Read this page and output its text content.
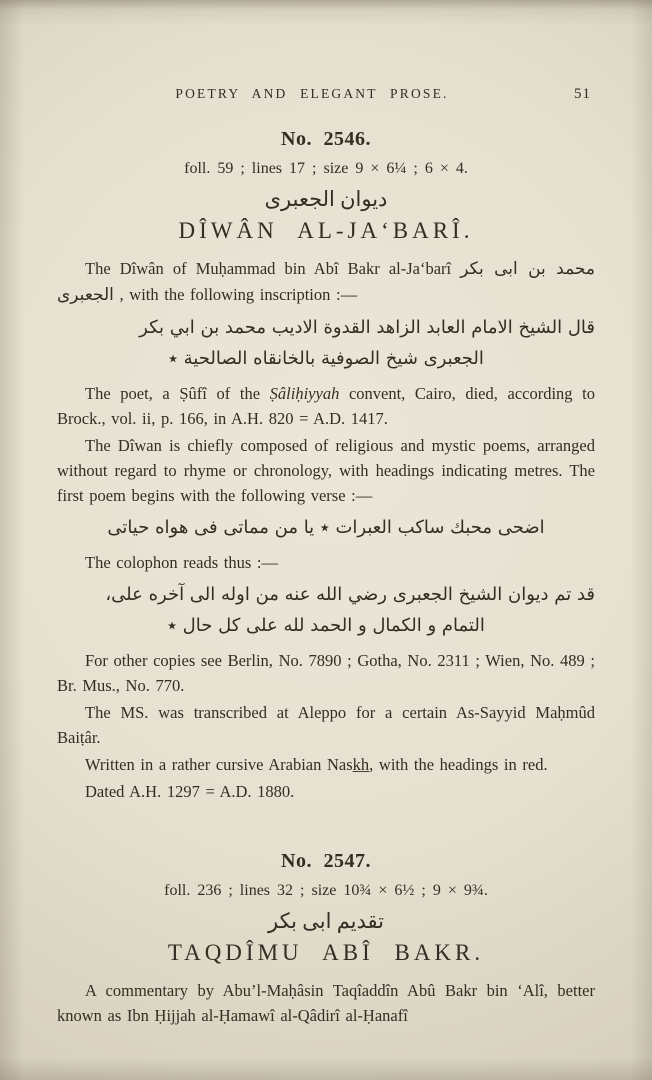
POETRY AND ELEGANT PROSE.	51
No. 2546.
foll. 59 ; lines 17 ; size 9 × 6¼ ; 6 × 4.
ديوان الجعبرى
DÎWÂN AL-JA‘BARÎ.

The Dîwân of Muḥammad bin Abî Bakr al-Ja‘barî محمد بن ابى بكر الجعبرى , with the following inscription :—

قال الشيخ الامام العابد الزاهد القدوة الاديب محمد بن ابي بكر
الجعبرى شيخ الصوفية بالخانقاه الصالحية ٭

The poet, a Ṣûfî of the Ṣâliḥiyyah convent, Cairo, died, according to Brock., vol. ii, p. 166, in A.H. 820 = A.D. 1417.

The Dîwan is chiefly composed of religious and mystic poems, arranged without regard to rhyme or chronology, with headings indicating metres. The first poem begins with the following verse :—

اضحى محبك ساكب العبرات ٭ يا من مماتى فى هواه حياتى

The colophon reads thus :—

قد تم ديوان الشيخ الجعبرى رضي الله عنه من اوله الى آخره على،
التمام و الكمال و الحمد لله على كل حال ٭

For other copies see Berlin, No. 7890 ; Gotha, No. 2311 ; Wien, No. 489 ; Br. Mus., No. 770.

The MS. was transcribed at Aleppo for a certain As-Sayyid Maḥmûd Baiṭâr.

Written in a rather cursive Arabian Nask̲h̲, with the headings in red.

Dated A.H. 1297 = A.D. 1880.

No. 2547.
foll. 236 ; lines 32 ; size 10¾ × 6½ ; 9 × 9¾.
تقديم ابى بكر
TAQDÎMU ABÎ BAKR.

A commentary by Abu’l-Maḥâsin Taqîaddîn Abû Bakr bin ‘Alî, better known as Ibn Ḥijjah al-Ḥamawî al-Qâdirî al-Ḥanafî
